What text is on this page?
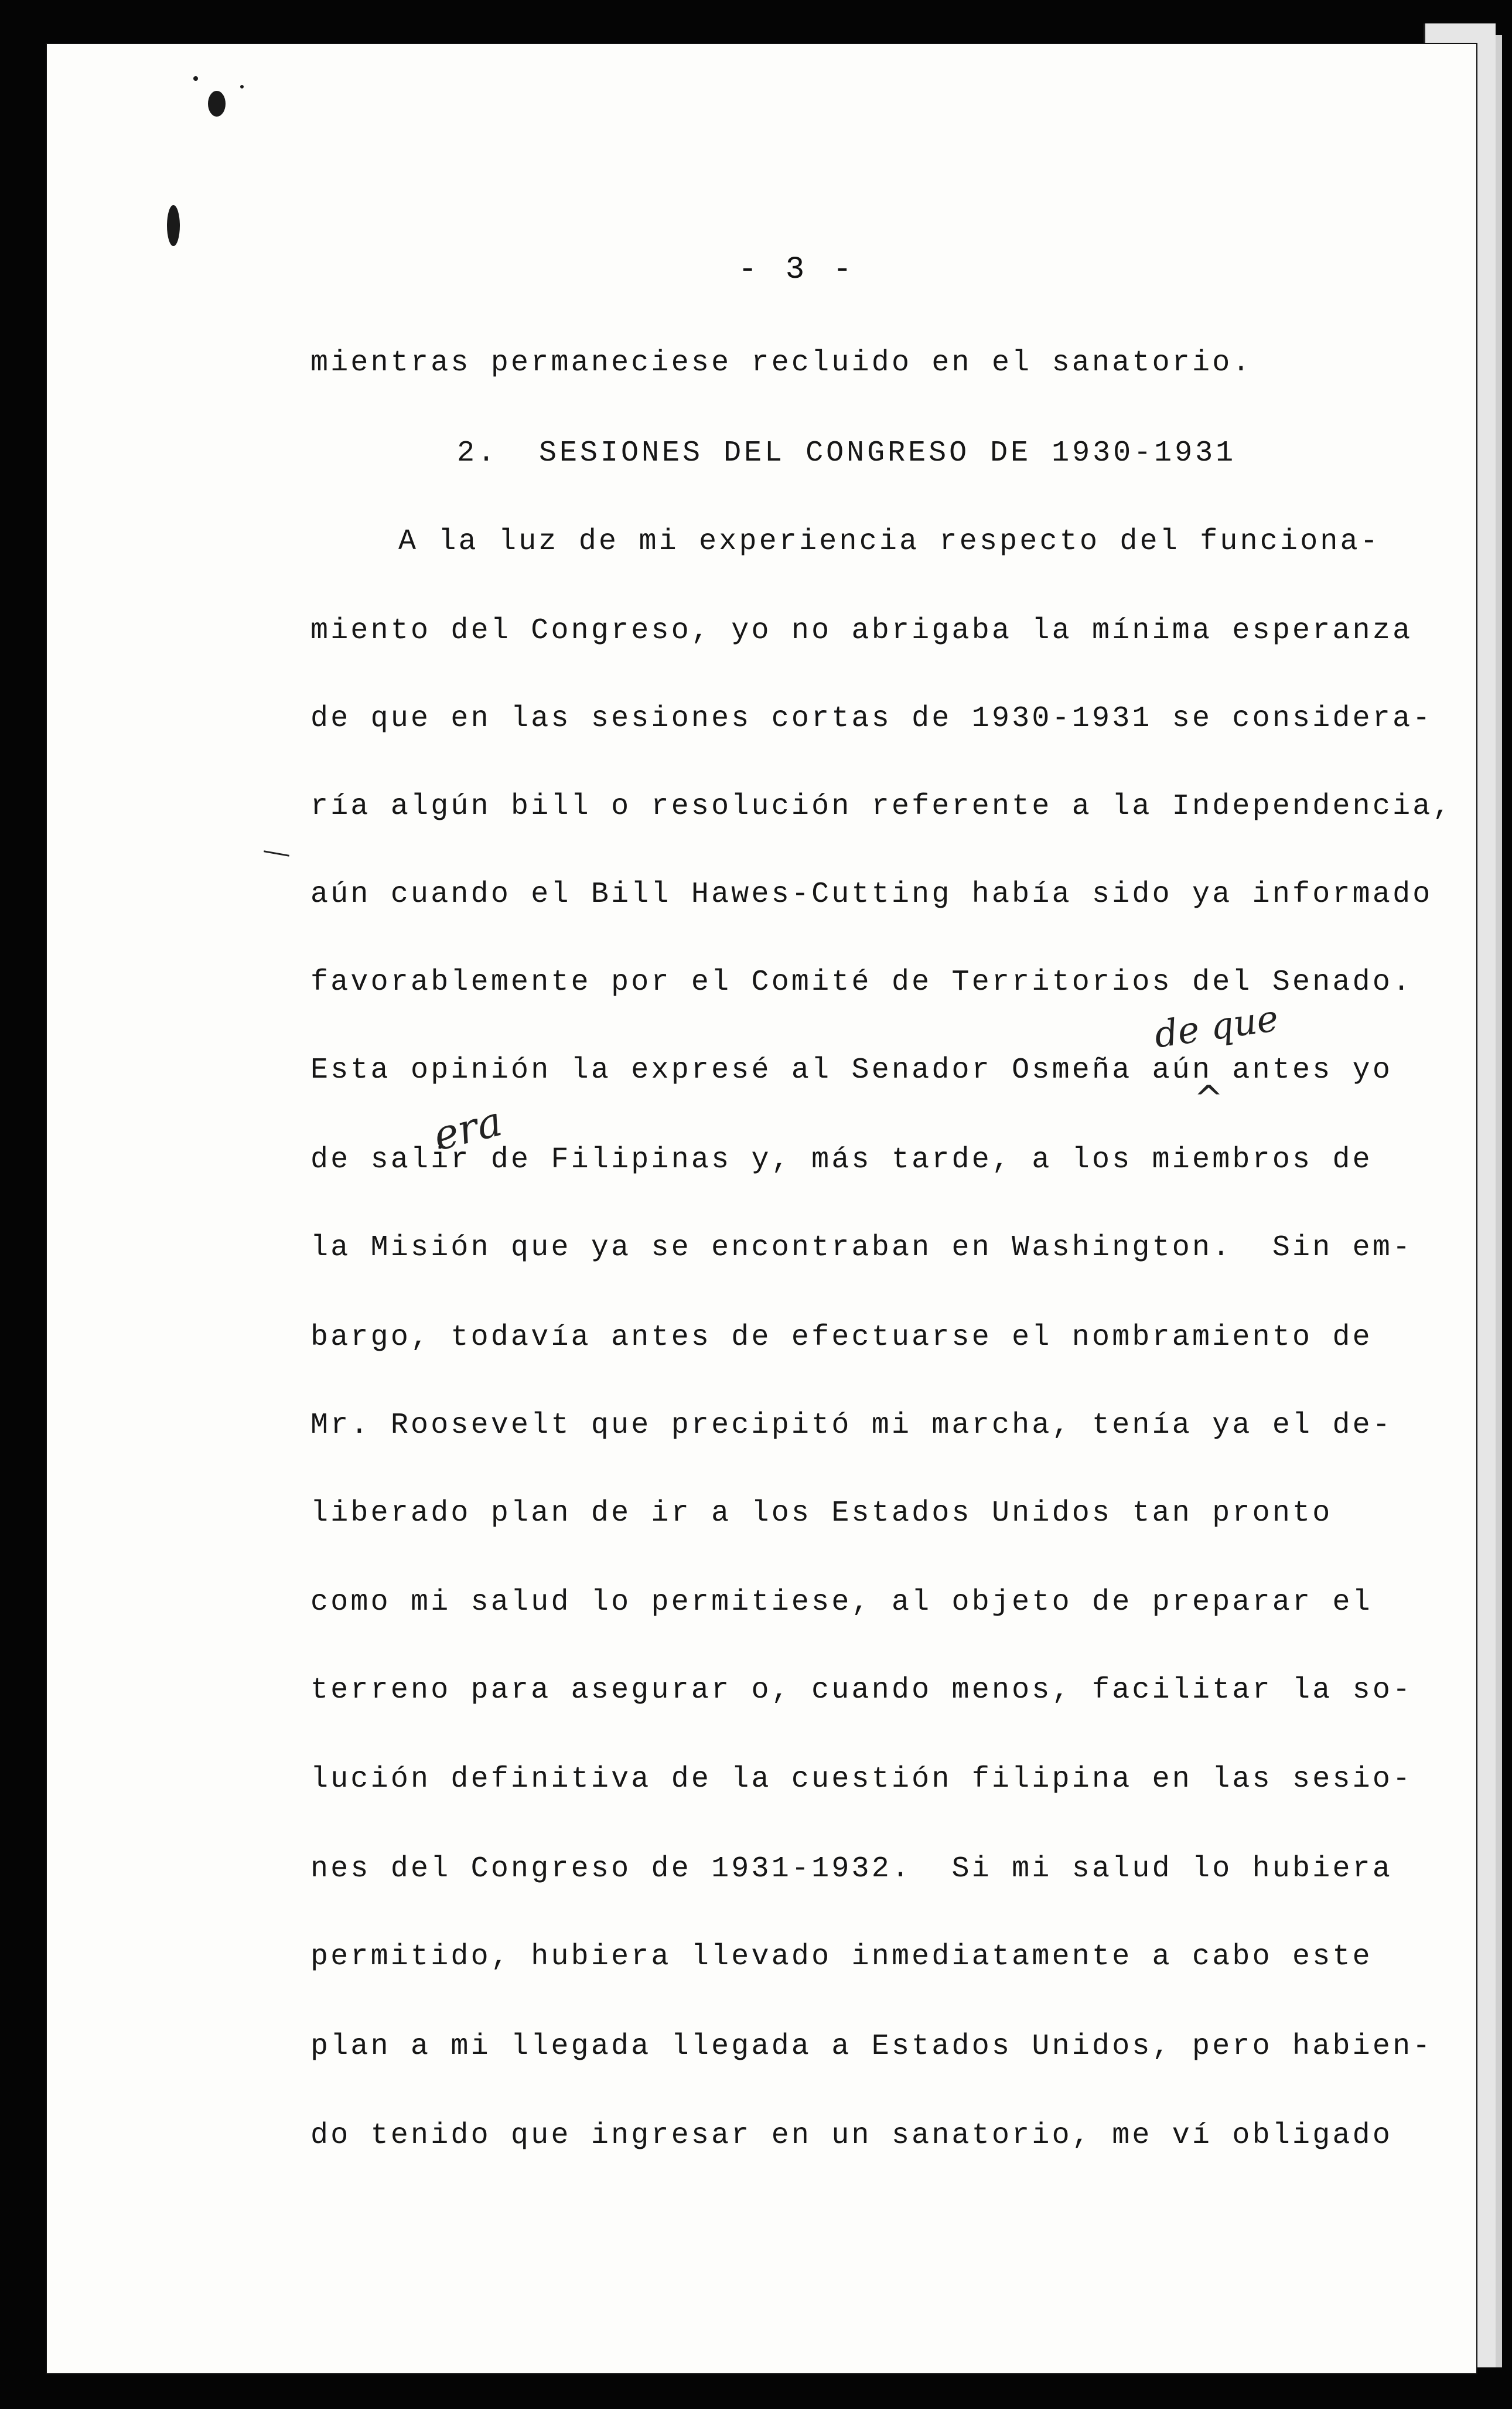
- 3 -
mientras permaneciese recluido en el sanatorio.
2.  SESIONES DEL CONGRESO DE 1930-1931
A la luz de mi experiencia respecto del funciona-
miento del Congreso, yo no abrigaba la mínima esperanza
de que en las sesiones cortas de 1930-1931 se considera-
ría algún bill o resolución referente a la Independencia,
aún cuando el Bill Hawes-Cutting había sido ya informado
favorablemente por el Comité de Territorios del Senado.
Esta opinión la expresé al Senador Osmeña aún antes yo
de salir de Filipinas y, más tarde, a los miembros de
la Misión que ya se encontraban en Washington.  Sin em-
bargo, todavía antes de efectuarse el nombramiento de
Mr. Roosevelt que precipitó mi marcha, tenía ya el de-
liberado plan de ir a los Estados Unidos tan pronto
como mi salud lo permitiese, al objeto de preparar el
terreno para asegurar o, cuando menos, facilitar la so-
lución definitiva de la cuestión filipina en las sesio-
nes del Congreso de 1931-1932.  Si mi salud lo hubiera
permitido, hubiera llevado inmediatamente a cabo este
plan a mi llegada llegada a Estados Unidos, pero habien-
do tenido que ingresar en un sanatorio, me ví obligado
de que
^
era
